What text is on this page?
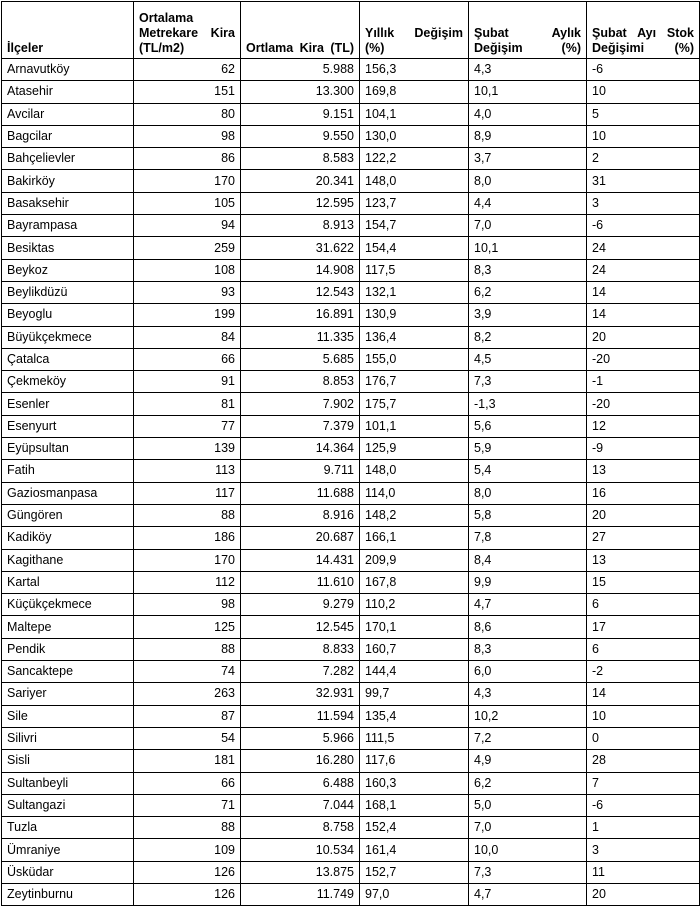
İlçeler	Ortalama Metrekare Kira (TL/m2)	Ortlama Kira (TL)	Yıllık Değişim (%)	Şubat Aylık Değişim (%)	Şubat Ayı Stok Değişimi (%)
Arnavutköy	62	5.988	156,3	4,3	-6
Atasehir	151	13.300	169,8	10,1	10
Avcilar	80	9.151	104,1	4,0	5
Bagcilar	98	9.550	130,0	8,9	10
Bahçelievler	86	8.583	122,2	3,7	2
Bakirköy	170	20.341	148,0	8,0	31
Basaksehir	105	12.595	123,7	4,4	3
Bayrampasa	94	8.913	154,7	7,0	-6
Besiktas	259	31.622	154,4	10,1	24
Beykoz	108	14.908	117,5	8,3	24
Beylikdüzü	93	12.543	132,1	6,2	14
Beyoglu	199	16.891	130,9	3,9	14
Büyükçekmece	84	11.335	136,4	8,2	20
Çatalca	66	5.685	155,0	4,5	-20
Çekmeköy	91	8.853	176,7	7,3	-1
Esenler	81	7.902	175,7	-1,3	-20
Esenyurt	77	7.379	101,1	5,6	12
Eyüpsultan	139	14.364	125,9	5,9	-9
Fatih	113	9.711	148,0	5,4	13
Gaziosmanpasa	117	11.688	114,0	8,0	16
Güngören	88	8.916	148,2	5,8	20
Kadiköy	186	20.687	166,1	7,8	27
Kagithane	170	14.431	209,9	8,4	13
Kartal	112	11.610	167,8	9,9	15
Küçükçekmece	98	9.279	110,2	4,7	6
Maltepe	125	12.545	170,1	8,6	17
Pendik	88	8.833	160,7	8,3	6
Sancaktepe	74	7.282	144,4	6,0	-2
Sariyer	263	32.931	99,7	4,3	14
Sile	87	11.594	135,4	10,2	10
Silivri	54	5.966	111,5	7,2	0
Sisli	181	16.280	117,6	4,9	28
Sultanbeyli	66	6.488	160,3	6,2	7
Sultangazi	71	7.044	168,1	5,0	-6
Tuzla	88	8.758	152,4	7,0	1
Ümraniye	109	10.534	161,4	10,0	3
Üsküdar	126	13.875	152,7	7,3	11
Zeytinburnu	126	11.749	97,0	4,7	20
